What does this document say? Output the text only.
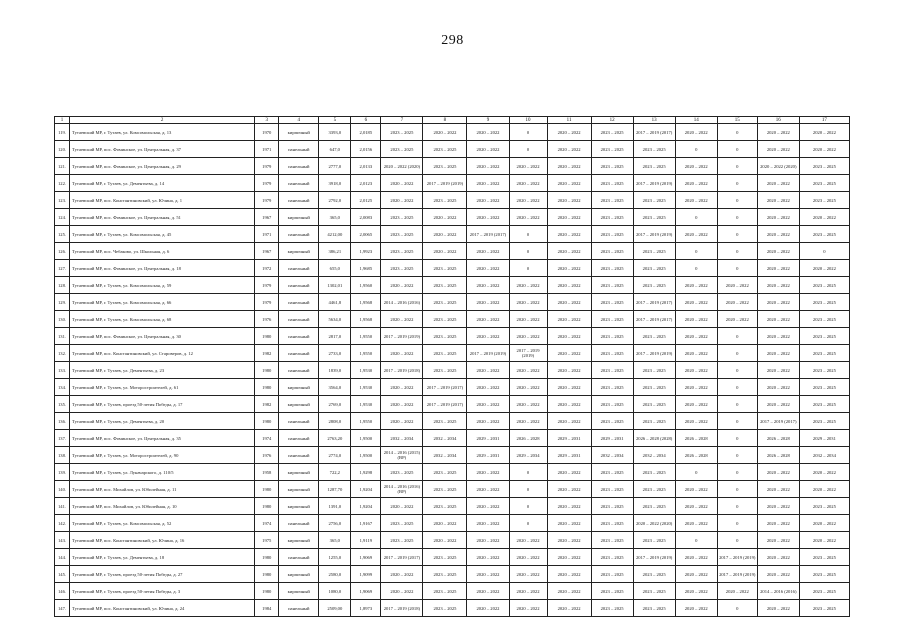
298
1	2	3	4	5	6	7	8	9	10	11	12	13	14	15	16	17
119.	Тутаевский МР, г. Тутаев, ул. Комсомольская, д. 13	1970	кирпичный	3393,0	2,0185	2023 – 2025	2020 – 2022	2020 – 2022	0	2020 – 2022	2023 – 2025	2017 – 2019 (2017)	2020 – 2022	0	2020 – 2022	2020 – 2022
120.	Тутаевский МР, пос. Фоминское, ул. Центральная, д. 37	1971	панельный	647,0	2,0156	2023 – 2025	2023 – 2025	2020 – 2022	0	2020 – 2022	2023 – 2025	2023 – 2025	0	0	2020 – 2022	2020 – 2022
121.	Тутаевский МР, пос. Фоминское, ул. Центральная, д. 29	1979	панельный	2777,0	2,0133	2020 – 2022 (2020)	2023 – 2025	2020 – 2022	2020 – 2022	2020 – 2022	2023 – 2025	2023 – 2025	2020 – 2022	0	2020 – 2022 (2020)	2023 – 2025
122.	Тутаевский МР, г. Тутаев, ул. Дементьева, д. 14	1979	панельный	3918,0	2,0123	2020 – 2022	2017 – 2019 (2019)	2020 – 2022	2020 – 2022	2020 – 2022	2023 – 2025	2017 – 2019 (2019)	2020 – 2022	0	2020 – 2022	2023 – 2025
123.	Тутаевский МР, пос. Константиновский, ул. Ючина, д. 1	1979	панельный	2792,0	2,0125	2020 – 2022	2023 – 2025	2020 – 2022	2020 – 2022	2020 – 2022	2023 – 2025	2023 – 2025	2020 – 2022	0	2020 – 2022	2023 – 2025
124.	Тутаевский МР, пос. Фоминское, ул. Центральная, д. 51	1967	кирпичный	365,0	2,0083	2023 – 2025	2020 – 2022	2020 – 2022	2020 – 2022	2020 – 2022	2023 – 2025	2023 – 2025	0	0	2020 – 2022	2020 – 2022
125.	Тутаевский МР, г. Тутаев, ул. Комсомольская, д. 45	1971	панельный	4212,00	2,0065	2023 – 2025	2020 – 2022	2017 – 2019 (2017)	0	2020 – 2022	2023 – 2025	2017 – 2019 (2019)	2020 – 2022	0	2020 – 2022	2023 – 2025
126.	Тутаевский МР, пос. Чебаково, ул. Школьная, д. 6	1967	кирпичный	386,21	1,9923	2023 – 2025	2020 – 2022	2020 – 2022	0	2020 – 2022	2023 – 2025	2023 – 2025	0	0	2020 – 2022	0
127.	Тутаевский МР, пос. Фоминское, ул. Центральная, д. 18	1972	панельный	655,0	1,9685	2023 – 2025	2023 – 2025	2020 – 2022	0	2020 – 2022	2023 – 2025	2023 – 2025	0	0	2020 – 2022	2020 – 2022
128.	Тутаевский МР, г. Тутаев, ул. Комсомольская, д. 59	1979	панельный	1302,01	1,9560	2020 – 2022	2023 – 2025	2020 – 2022	2020 – 2022	2020 – 2022	2023 – 2025	2023 – 2025	2020 – 2022	2020 – 2022	2020 – 2022	2023 – 2025
129.	Тутаевский МР, г. Тутаев, ул. Комсомольская, д. 66	1979	панельный	4461,8	1,9568	2014 – 2016 (2016)	2023 – 2025	2020 – 2022	2020 – 2022	2020 – 2022	2023 – 2025	2017 – 2019 (2017)	2020 – 2022	2020 – 2022	2020 – 2022	2023 – 2025
130.	Тутаевский МР, г. Тутаев, ул. Комсомольская, д. 68	1976	панельный	5634,0	1,9568	2020 – 2022	2023 – 2025	2020 – 2022	2020 – 2022	2020 – 2022	2023 – 2025	2017 – 2019 (2017)	2020 – 2022	2020 – 2022	2020 – 2022	2023 – 2025
131.	Тутаевский МР, пос. Фоминское, ул. Центральная, д. 30	1980	панельный	2817,0	1,9550	2017 – 2019 (2019)	2023 – 2025	2020 – 2022	2020 – 2022	2020 – 2022	2023 – 2025	2023 – 2025	2020 – 2022	0	2020 – 2022	2023 – 2025
132.	Тутаевский МР, пос. Константиновский, ул. Староверов, д. 12	1982	панельный	2733,0	1,9550	2020 – 2022	2023 – 2025	2017 – 2019 (2019)	2017 – 2019 (2019)	2020 – 2022	2023 – 2025	2017 – 2019 (2019)	2020 – 2022	0	2020 – 2022	2023 – 2025
133.	Тутаевский МР, г. Тутаев, ул. Дементьева, д. 23	1980	панельный	1839,0	1,9530	2017 – 2019 (2018)	2023 – 2025	2020 – 2022	2020 – 2022	2020 – 2022	2023 – 2025	2023 – 2025	2020 – 2022	0	2020 – 2022	2023 – 2025
134.	Тутаевский МР, г. Тутаев, ул. Моторостроителей, д. 61	1980	кирпичный	3564,0	1,9530	2020 – 2022	2017 – 2019 (2017)	2020 – 2022	2020 – 2022	2020 – 2022	2023 – 2025	2023 – 2025	2020 – 2022	0	2020 – 2022	2023 – 2025
135.	Тутаевский МР, г. Тутаев, проезд 50-летия Победы, д. 17	1982	кирпичный	2769,0	1,9530	2020 – 2022	2017 – 2019 (2017)	2020 – 2022	2020 – 2022	2020 – 2022	2023 – 2025	2023 – 2025	2020 – 2022	0	2020 – 2022	2023 – 2025
136.	Тутаевский МР, г. Тутаев, ул. Дементьева, д. 20	1980	панельный	2808,0	1,9550	2020 – 2022	2023 – 2025	2020 – 2022	2020 – 2022	2020 – 2022	2023 – 2025	2023 – 2025	2020 – 2022	0	2017 – 2019 (2017)	2023 – 2025
137.	Тутаевский МР, пос. Фоминское, ул. Центральная, д. 35	1974	панельный	2763,20	1,9500	2032 – 2034	2032 – 2034	2029 – 2031	2026 – 2028	2029 – 2031	2029 – 2031	2026 – 2028 (2028)	2026 – 2028	0	2026 – 2028	2029 – 2031
138.	Тутаевский МР, г. Тутаев, ул. Моторостроителей, д. 90	1976	панельный	2774,0	1,9500	2014 – 2016 (2015) (ВР)	2032 – 2034	2029 – 2031	2029 – 2034	2029 – 2031	2032 – 2034	2032 – 2034	2026 – 2028	0	2026 – 2028	2032 – 2034
139.	Тутаевский МР, г. Тутаев, ул. Луначарского, д. 110/5	1958	кирпичный	722,2	1,9298	2023 – 2025	2023 – 2025	2020 – 2022	0	2020 – 2022	2023 – 2025	2023 – 2025	0	0	2020 – 2022	2020 – 2022
140.	Тутаевский МР, пос. Михайлов, ул. Юбилейная, д. 11	1980	кирпичный	1287,70	1,9204	2014 – 2016 (2016) (ВР)	2023 – 2025	2020 – 2022	0	2020 – 2022	2023 – 2025	2023 – 2025	2020 – 2022	0	2020 – 2022	2020 – 2022
141.	Тутаевский МР, пос. Михайлов, ул. Юбилейная, д. 10	1980	кирпичный	1391,0	1,9204	2020 – 2022	2023 – 2025	2020 – 2022	0	2020 – 2022	2023 – 2025	2023 – 2025	2020 – 2022	0	2020 – 2022	2023 – 2025
142.	Тутаевский МР, г. Тутаев, ул. Комсомольская, д. 52	1974	панельный	2756,0	1,9167	2023 – 2025	2020 – 2022	2020 – 2022	0	2020 – 2022	2023 – 2025	2020 – 2022 (2020)	2020 – 2022	0	2020 – 2022	2020 – 2022
143.	Тутаевский МР, пос. Константиновский, ул. Ючина, д. 16	1975	кирпичный	365,0	1,9119	2023 – 2025	2020 – 2022	2020 – 2022	2020 – 2022	2020 – 2022	2023 – 2025	2023 – 2025	0	0	2020 – 2022	2020 – 2022
144.	Тутаевский МР, г. Тутаев, ул. Дементьева, д. 18	1980	панельный	1255,0	1,9069	2017 – 2019 (2017)	2023 – 2025	2020 – 2022	2020 – 2022	2020 – 2022	2023 – 2025	2017 – 2019 (2019)	2020 – 2022	2017 – 2019 (2019)	2020 – 2022	2023 – 2025
145.	Тутаевский МР, г. Тутаев, проезд 50-летия Победы, д. 27	1980	кирпичный	2580,0	1,9099	2020 – 2022	2023 – 2025	2020 – 2022	2020 – 2022	2020 – 2022	2023 – 2025	2023 – 2025	2020 – 2022	2017 – 2019 (2019)	2020 – 2022	2023 – 2025
146.	Тутаевский МР, г. Тутаев, проезд 50-летия Победы, д. 3	1980	кирпичный	1080,0	1,9069	2020 – 2022	2023 – 2025	2020 – 2022	2020 – 2022	2020 – 2022	2023 – 2025	2023 – 2025	2020 – 2022	2020 – 2022	2014 – 2016 (2016)	2023 – 2025
147.	Тутаевский МР, пос. Константиновский, ул. Ючина, д. 24	1984	панельный	2509,00	1,8973	2017 – 2019 (2018)	2023 – 2025	2020 – 2022	2020 – 2022	2020 – 2022	2023 – 2025	2023 – 2025	2020 – 2022	0	2020 – 2022	2023 – 2025
